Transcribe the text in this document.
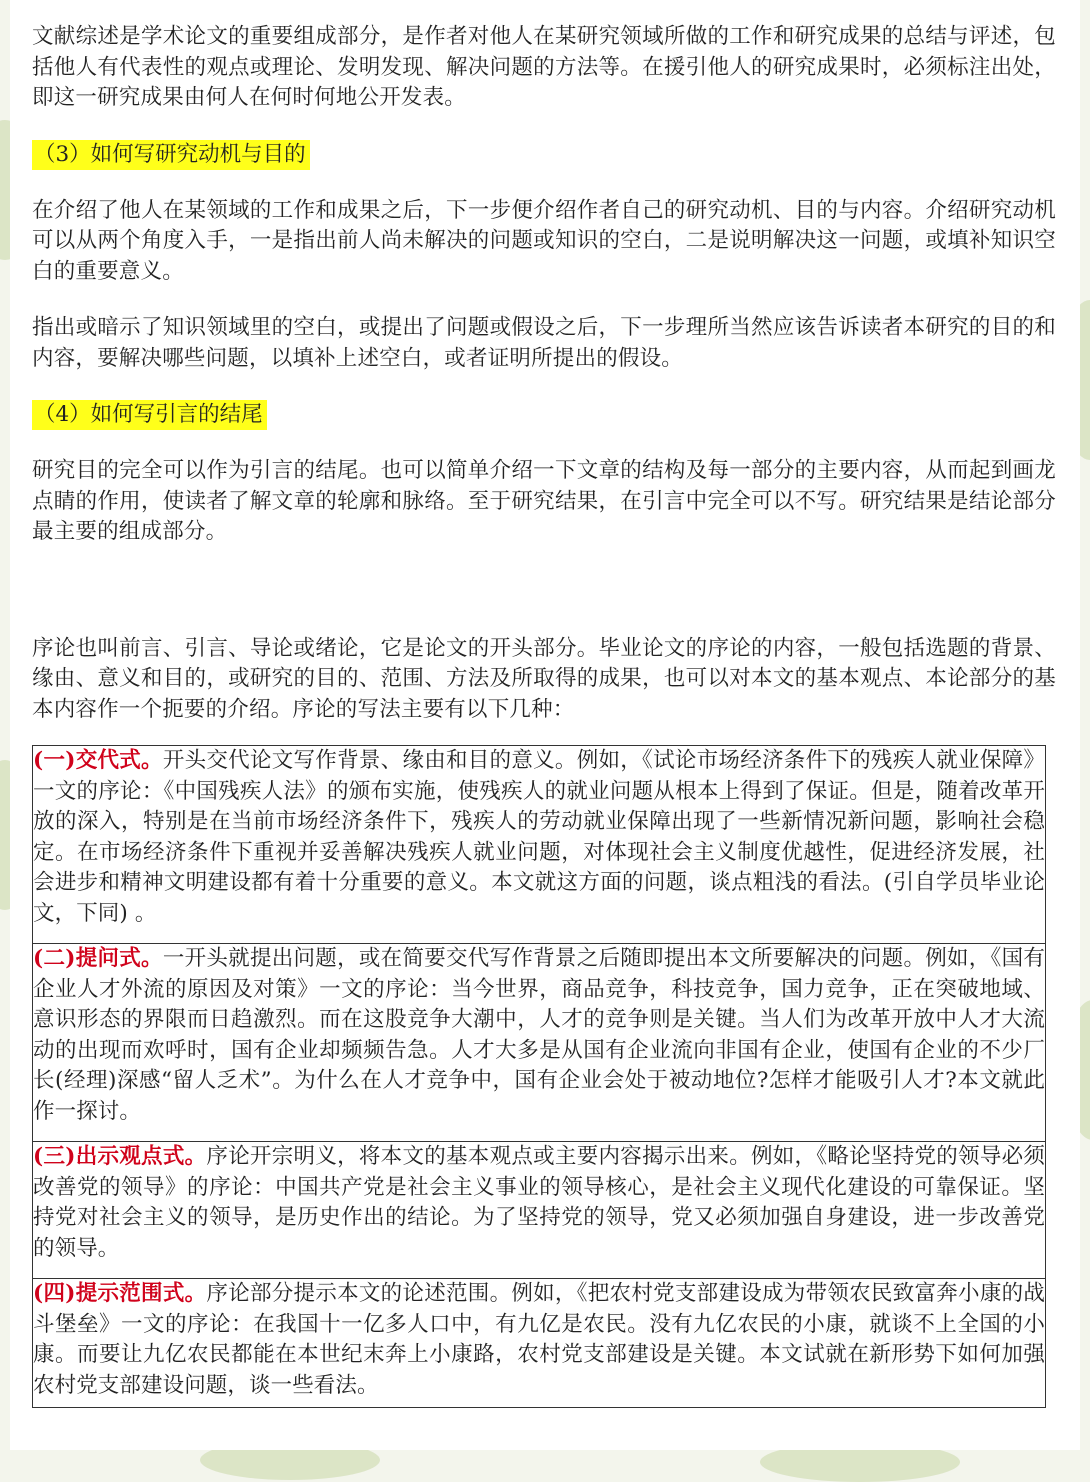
文献综述是学术论文的重要组成部分，是作者对他人在某研究领域所做的工作和研究成果的总结与评述，包括他人有代表性的观点或理论、发明发现、解决问题的方法等。在援引他人的研究成果时，必须标注出处，即这一研究成果由何人在何时何地公开发表。

（3）如何写研究动机与目的

在介绍了他人在某领域的工作和成果之后，下一步便介绍作者自己的研究动机、目的与内容。介绍研究动机可以从两个角度入手，一是指出前人尚未解决的问题或知识的空白，二是说明解决这一问题，或填补知识空白的重要意义。

指出或暗示了知识领域里的空白，或提出了问题或假设之后，下一步理所当然应该告诉读者本研究的目的和内容，要解决哪些问题，以填补上述空白，或者证明所提出的假设。

（4）如何写引言的结尾

研究目的完全可以作为引言的结尾。也可以简单介绍一下文章的结构及每一部分的主要内容，从而起到画龙点睛的作用，使读者了解文章的轮廓和脉络。至于研究结果，在引言中完全可以不写。研究结果是结论部分最主要的组成部分。

序论也叫前言、引言、导论或绪论，它是论文的开头部分。毕业论文的序论的内容，一般包括选题的背景、缘由、意义和目的，或研究的目的、范围、方法及所取得的成果，也可以对本文的基本观点、本论部分的基本内容作一个扼要的介绍。序论的写法主要有以下几种：

(一)交代式。开头交代论文写作背景、缘由和目的意义。例如，《试论市场经济条件下的残疾人就业保障》一文的序论：《中国残疾人法》的颁布实施，使残疾人的就业问题从根本上得到了保证。但是，随着改革开放的深入，特别是在当前市场经济条件下，残疾人的劳动就业保障出现了一些新情况新问题，影响社会稳定。在市场经济条件下重视并妥善解决残疾人就业问题，对体现社会主义制度优越性，促进经济发展，社会进步和精神文明建设都有着十分重要的意义。本文就这方面的问题，谈点粗浅的看法。(引自学员毕业论文，下同) 。
(二)提问式。一开头就提出问题，或在简要交代写作背景之后随即提出本文所要解决的问题。例如，《国有企业人才外流的原因及对策》一文的序论：当今世界，商品竞争，科技竞争，国力竞争，正在突破地域、意识形态的界限而日趋激烈。而在这股竞争大潮中，人才的竞争则是关键。当人们为改革开放中人才大流动的出现而欢呼时，国有企业却频频告急。人才大多是从国有企业流向非国有企业，使国有企业的不少厂长(经理)深感“留人乏术”。为什么在人才竞争中，国有企业会处于被动地位?怎样才能吸引人才?本文就此作一探讨。
(三)出示观点式。序论开宗明义，将本文的基本观点或主要内容揭示出来。例如，《略论坚持党的领导必须改善党的领导》的序论：中国共产党是社会主义事业的领导核心，是社会主义现代化建设的可靠保证。坚持党对社会主义的领导，是历史作出的结论。为了坚持党的领导，党又必须加强自身建设，进一步改善党的领导。
(四)提示范围式。序论部分提示本文的论述范围。例如，《把农村党支部建设成为带领农民致富奔小康的战斗堡垒》一文的序论：在我国十一亿多人口中，有九亿是农民。没有九亿农民的小康，就谈不上全国的小康。而要让九亿农民都能在本世纪末奔上小康路，农村党支部建设是关键。本文试就在新形势下如何加强农村党支部建设问题，谈一些看法。
